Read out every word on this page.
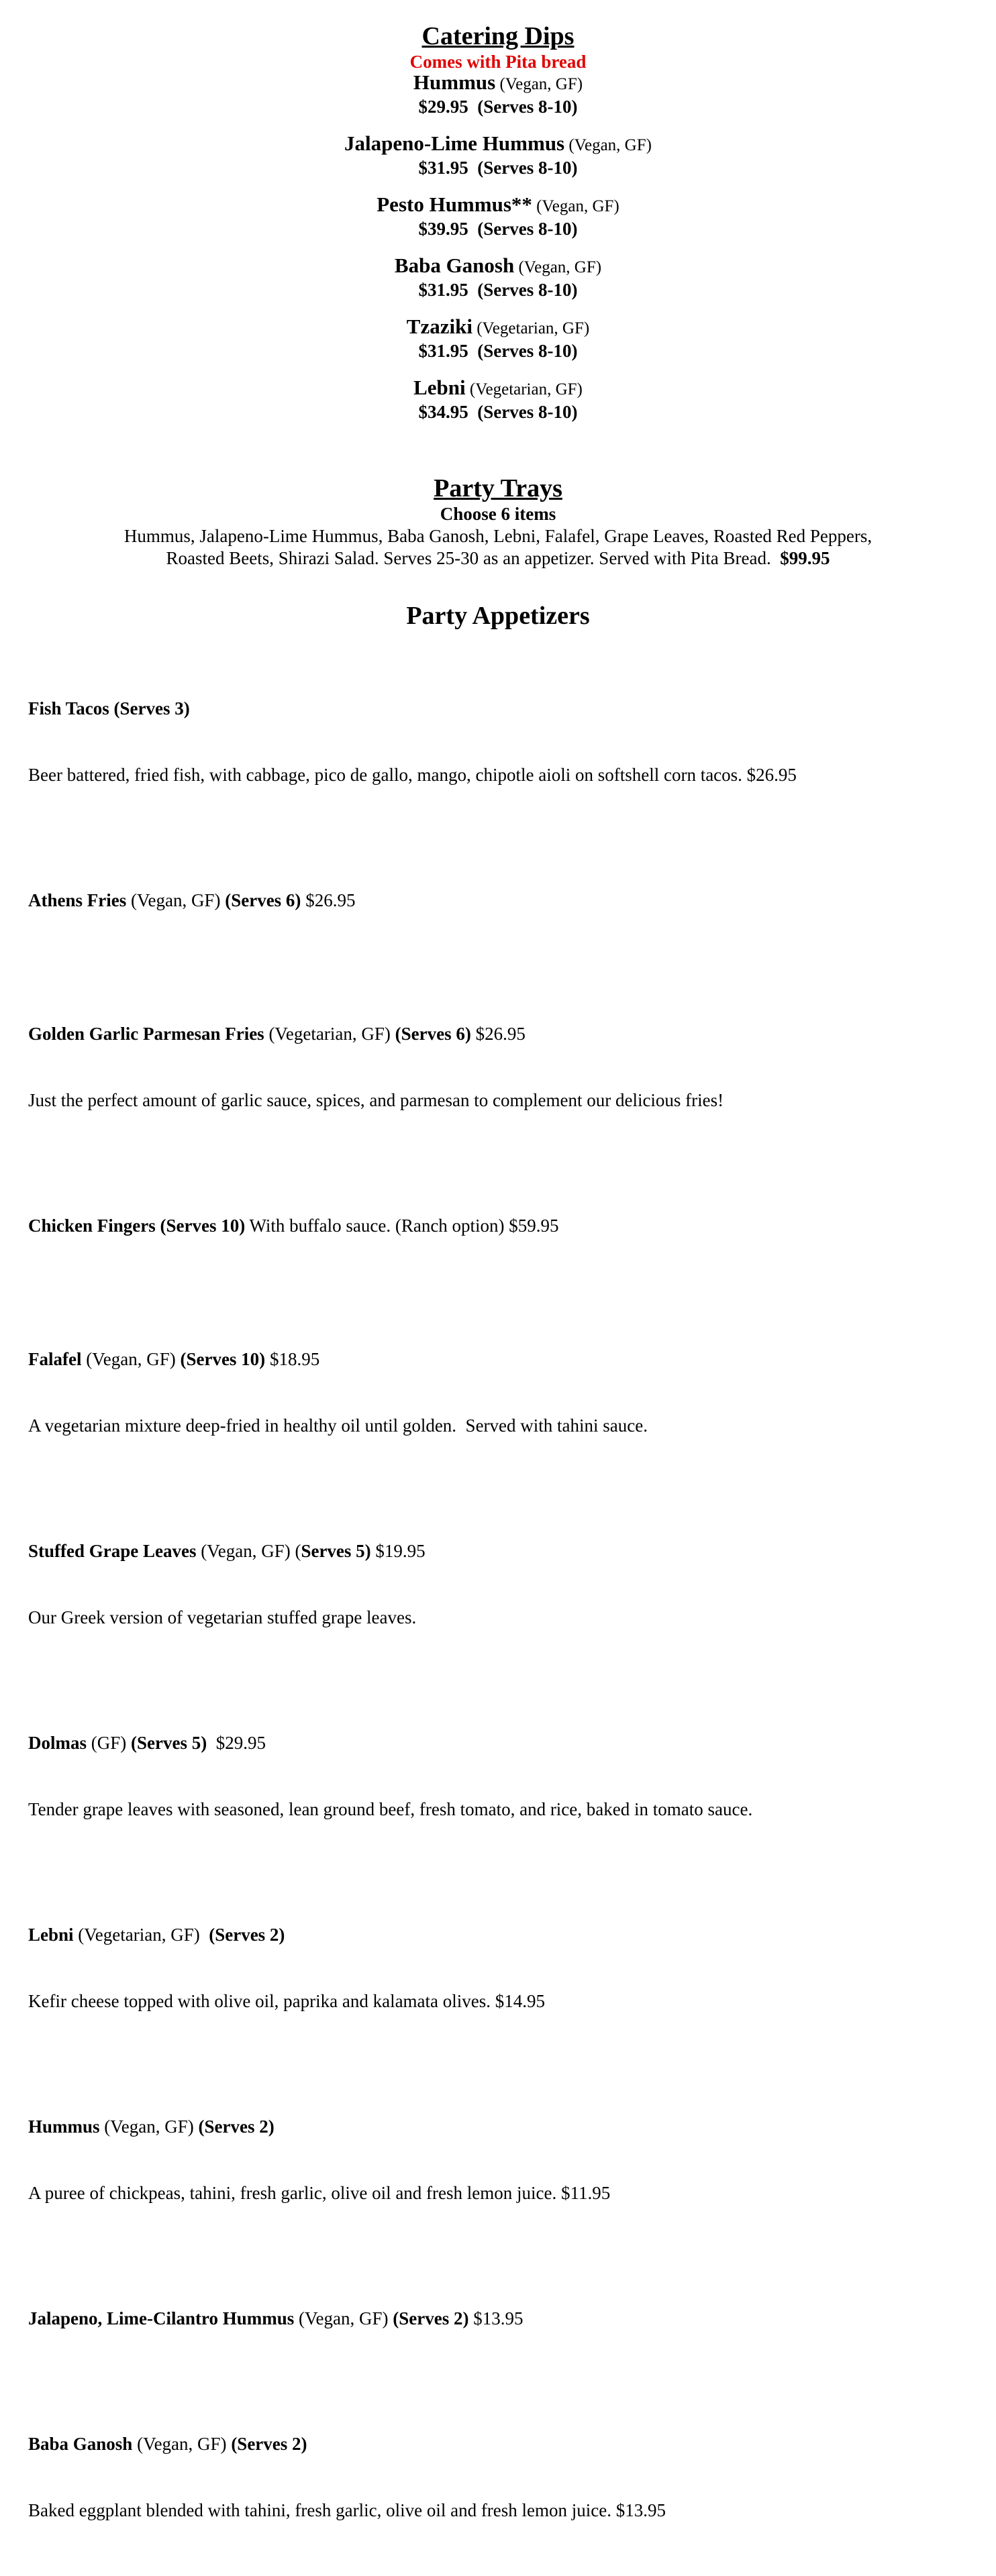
Catering Dips
Comes with Pita bread
Hummus (Vegan, GF)
$29.95  (Serves 8-10)
Jalapeno-Lime Hummus (Vegan, GF)
$31.95  (Serves 8-10)
Pesto Hummus** (Vegan, GF)
$39.95  (Serves 8-10)
Baba Ganosh (Vegan, GF)
$31.95  (Serves 8-10)
Tzaziki (Vegetarian, GF)
$31.95  (Serves 8-10)
Lebni (Vegetarian, GF)
$34.95  (Serves 8-10)
Party Trays
Choose 6 items
Hummus, Jalapeno-Lime Hummus, Baba Ganosh, Lebni, Falafel, Grape Leaves, Roasted Red Peppers,
Roasted Beets, Shirazi Salad. Serves 25-30 as an appetizer. Served with Pita Bread. $99.95
Party Appetizers

Fish Tacos (Serves 3)

Beer battered, fried fish, with cabbage, pico de gallo, mango, chipotle aioli on softshell corn tacos. $26.95

Athens Fries (Vegan, GF) (Serves 6) $26.95

Golden Garlic Parmesan Fries (Vegetarian, GF) (Serves 6) $26.95

Just the perfect amount of garlic sauce, spices, and parmesan to complement our delicious fries!

Chicken Fingers (Serves 10) With buffalo sauce. (Ranch option) $59.95

Falafel (Vegan, GF) (Serves 10) $18.95

A vegetarian mixture deep-fried in healthy oil until golden.  Served with tahini sauce.

Stuffed Grape Leaves (Vegan, GF) (Serves 5) $19.95

Our Greek version of vegetarian stuffed grape leaves.

Dolmas (GF) (Serves 5)  $29.95

Tender grape leaves with seasoned, lean ground beef, fresh tomato, and rice, baked in tomato sauce.

Lebni (Vegetarian, GF)  (Serves 2)

Kefir cheese topped with olive oil, paprika and kalamata olives. $14.95

Hummus (Vegan, GF) (Serves 2)

A puree of chickpeas, tahini, fresh garlic, olive oil and fresh lemon juice. $11.95

Jalapeno, Lime-Cilantro Hummus (Vegan, GF) (Serves 2) $13.95

Baba Ganosh (Vegan, GF) (Serves 2)

Baked eggplant blended with tahini, fresh garlic, olive oil and fresh lemon juice. $13.95
